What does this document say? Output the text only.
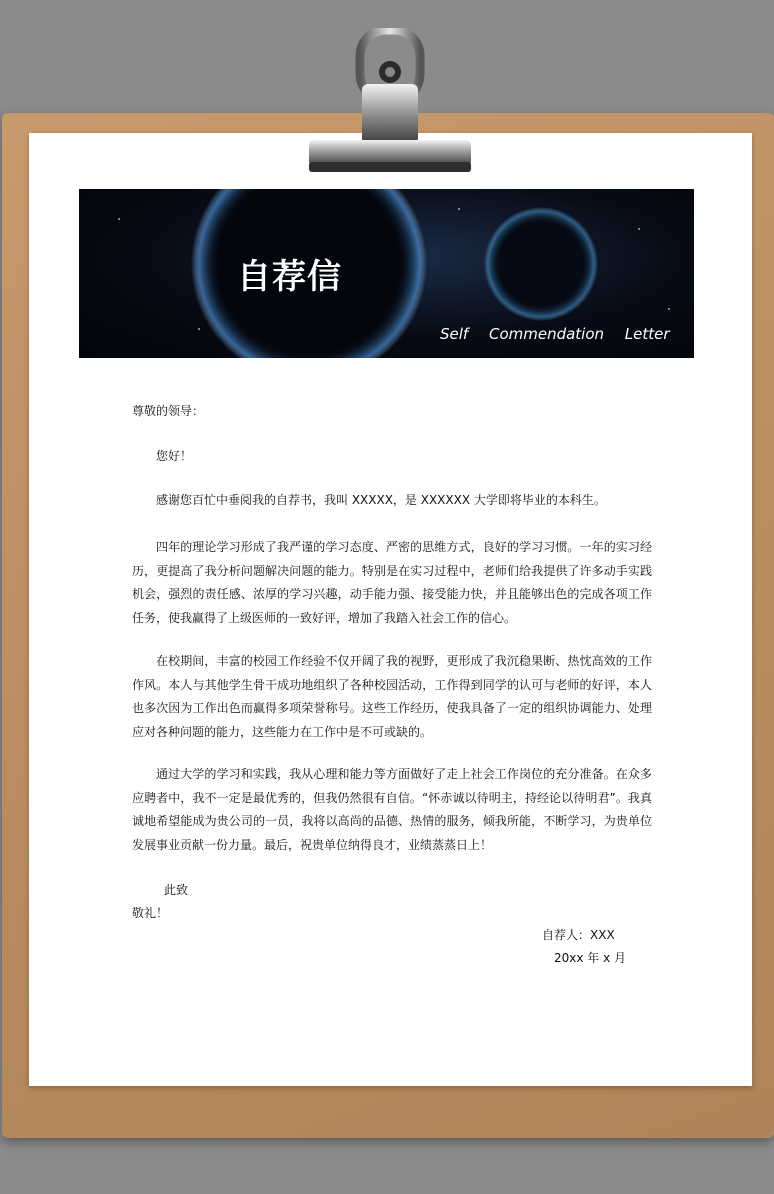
自荐信
Self Commendation Letter

尊敬的领导：

您好！

感谢您百忙中垂阅我的自荐书，我叫 XXXXX，是 XXXXXX 大学即将毕业的本科生。

四年的理论学习形成了我严谨的学习态度、严密的思维方式，良好的学习习惯。一年的实习经历，更提高了我分析问题解决问题的能力。特别是在实习过程中，老师们给我提供了许多动手实践机会，强烈的责任感、浓厚的学习兴趣，动手能力强、接受能力快，并且能够出色的完成各项工作任务，使我赢得了上级医师的一致好评，增加了我踏入社会工作的信心。

在校期间，丰富的校园工作经验不仅开阔了我的视野，更形成了我沉稳果断、热忱高效的工作作风。本人与其他学生骨干成功地组织了各种校园活动，工作得到同学的认可与老师的好评，本人也多次因为工作出色而赢得多项荣誉称号。这些工作经历，使我具备了一定的组织协调能力、处理应对各种问题的能力，这些能力在工作中是不可或缺的。

通过大学的学习和实践，我从心理和能力等方面做好了走上社会工作岗位的充分准备。在众多应聘者中，我不一定是最优秀的，但我仍然很有自信。“怀赤诚以待明主，持经论以待明君”。我真诚地希望能成为贵公司的一员，我将以高尚的品德、热情的服务，倾我所能，不断学习，为贵单位发展事业贡献一份力量。最后，祝贵单位纳得良才，业绩蒸蒸日上！

此致

敬礼！

自荐人：XXX

20xx 年 x 月
